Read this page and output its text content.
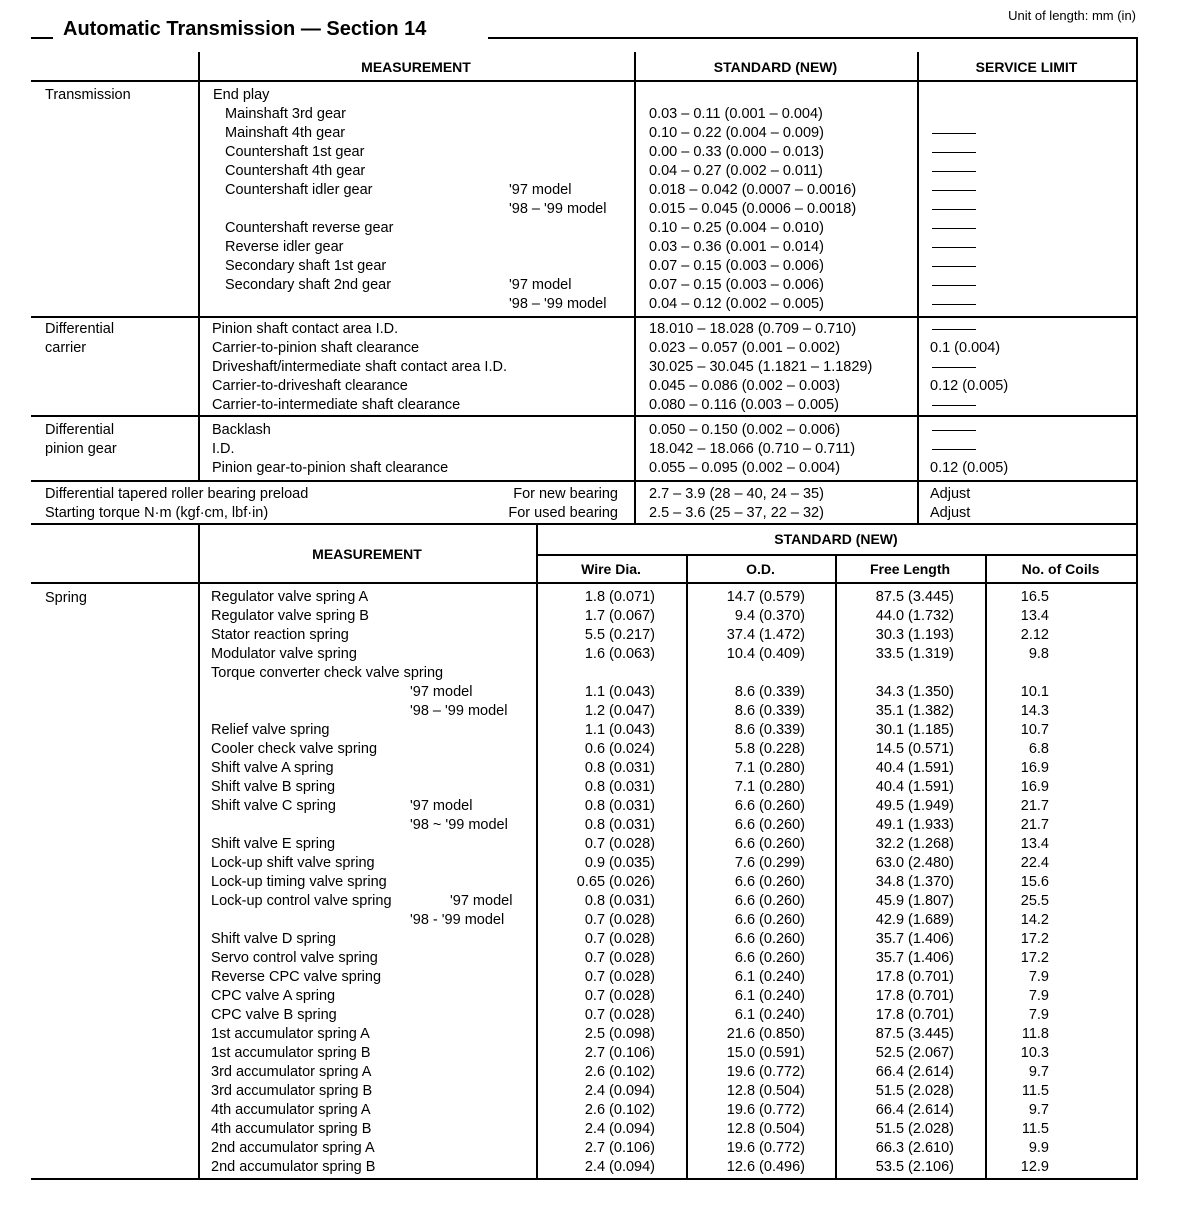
Automatic Transmission — Section 14
Unit of length: mm (in)
MEASUREMENT	STANDARD (NEW)	SERVICE LIMIT
Transmission	End play
Mainshaft 3rd gear	0.03 – 0.11 (0.001 – 0.004)
Mainshaft 4th gear	0.10 – 0.22 (0.004 – 0.009)
Countershaft 1st gear	0.00 – 0.33 (0.000 – 0.013)
Countershaft 4th gear	0.04 – 0.27 (0.002 – 0.011)
Countershaft idler gear	'97 model	0.018 – 0.042 (0.0007 – 0.0016)
'98 – '99 model	0.015 – 0.045 (0.0006 – 0.0018)
Countershaft reverse gear	0.10 – 0.25 (0.004 – 0.010)
Reverse idler gear	0.03 – 0.36 (0.001 – 0.014)
Secondary shaft 1st gear	0.07 – 0.15 (0.003 – 0.006)
Secondary shaft 2nd gear	'97 model	0.07 – 0.15 (0.003 – 0.006)
'98 – '99 model	0.04 – 0.12 (0.002 – 0.005)
Differential
carrier
Pinion shaft contact area I.D.	18.010 – 18.028 (0.709 – 0.710)
Carrier-to-pinion shaft clearance	0.023 – 0.057 (0.001 – 0.002)	0.1 (0.004)
Driveshaft/intermediate shaft contact area I.D.	30.025 – 30.045 (1.1821 – 1.1829)
Carrier-to-driveshaft clearance	0.045 – 0.086 (0.002 – 0.003)	0.12 (0.005)
Carrier-to-intermediate shaft clearance	0.080 – 0.116 (0.003 – 0.005)
Differential
pinion gear
Backlash	0.050 – 0.150 (0.002 – 0.006)
I.D.	18.042 – 18.066 (0.710 – 0.711)
Pinion gear-to-pinion shaft clearance	0.055 – 0.095 (0.002 – 0.004)	0.12 (0.005)
Differential tapered roller bearing preload
Starting torque N·m (kgf·cm, lbf·in)
For new bearing 2.7 – 3.9 (28 – 40, 24 – 35)	Adjust
For used bearing 2.5 – 3.6 (25 – 37, 22 – 32)	Adjust
MEASUREMENT
STANDARD (NEW)
Wire Dia.	O.D.	Free Length	No. of Coils
Spring	Regulator valve spring A	1.8 (0.071)	14.7 (0.579)	87.5 (3.445)	16.5
Regulator valve spring B	1.7 (0.067)	9.4 (0.370)	44.0 (1.732)	13.4
Stator reaction spring	5.5 (0.217)	37.4 (1.472)	30.3 (1.193)	2.12
Modulator valve spring	1.6 (0.063)	10.4 (0.409)	33.5 (1.319)	9.8
Torque converter check valve spring
'97 model	1.1 (0.043)	8.6 (0.339)	34.3 (1.350)	10.1
'98 – '99 model	1.2 (0.047)	8.6 (0.339)	35.1 (1.382)	14.3
Relief valve spring	1.1 (0.043)	8.6 (0.339)	30.1 (1.185)	10.7
Cooler check valve spring	0.6 (0.024)	5.8 (0.228)	14.5 (0.571)	6.8
Shift valve A spring	0.8 (0.031)	7.1 (0.280)	40.4 (1.591)	16.9
Shift valve B spring	0.8 (0.031)	7.1 (0.280)	40.4 (1.591)	16.9
Shift valve C spring	'97 model	0.8 (0.031)	6.6 (0.260)	49.5 (1.949)	21.7
'98 ~ '99 model	0.8 (0.031)	6.6 (0.260)	49.1 (1.933)	21.7
Shift valve E spring	0.7 (0.028)	6.6 (0.260)	32.2 (1.268)	13.4
Lock-up shift valve spring	0.9 (0.035)	7.6 (0.299)	63.0 (2.480)	22.4
Lock-up timing valve spring	0.65 (0.026)	6.6 (0.260)	34.8 (1.370)	15.6
Lock-up control valve spring	'97 model	0.8 (0.031)	6.6 (0.260)	45.9 (1.807)	25.5
'98 - '99 model	0.7 (0.028)	6.6 (0.260)	42.9 (1.689)	14.2
Shift valve D spring	0.7 (0.028)	6.6 (0.260)	35.7 (1.406)	17.2
Servo control valve spring	0.7 (0.028)	6.6 (0.260)	35.7 (1.406)	17.2
Reverse CPC valve spring	0.7 (0.028)	6.1 (0.240)	17.8 (0.701)	7.9
CPC valve A spring	0.7 (0.028)	6.1 (0.240)	17.8 (0.701)	7.9
CPC valve B spring	0.7 (0.028)	6.1 (0.240)	17.8 (0.701)	7.9
1st accumulator spring A	2.5 (0.098)	21.6 (0.850)	87.5 (3.445)	11.8
1st accumulator spring B	2.7 (0.106)	15.0 (0.591)	52.5 (2.067)	10.3
3rd accumulator spring A	2.6 (0.102)	19.6 (0.772)	66.4 (2.614)	9.7
3rd accumulator spring B	2.4 (0.094)	12.8 (0.504)	51.5 (2.028)	11.5
4th accumulator spring A	2.6 (0.102)	19.6 (0.772)	66.4 (2.614)	9.7
4th accumulator spring B	2.4 (0.094)	12.8 (0.504)	51.5 (2.028)	11.5
2nd accumulator spring A	2.7 (0.106)	19.6 (0.772)	66.3 (2.610)	9.9
2nd accumulator spring B	2.4 (0.094)	12.6 (0.496)	53.5 (2.106)	12.9
